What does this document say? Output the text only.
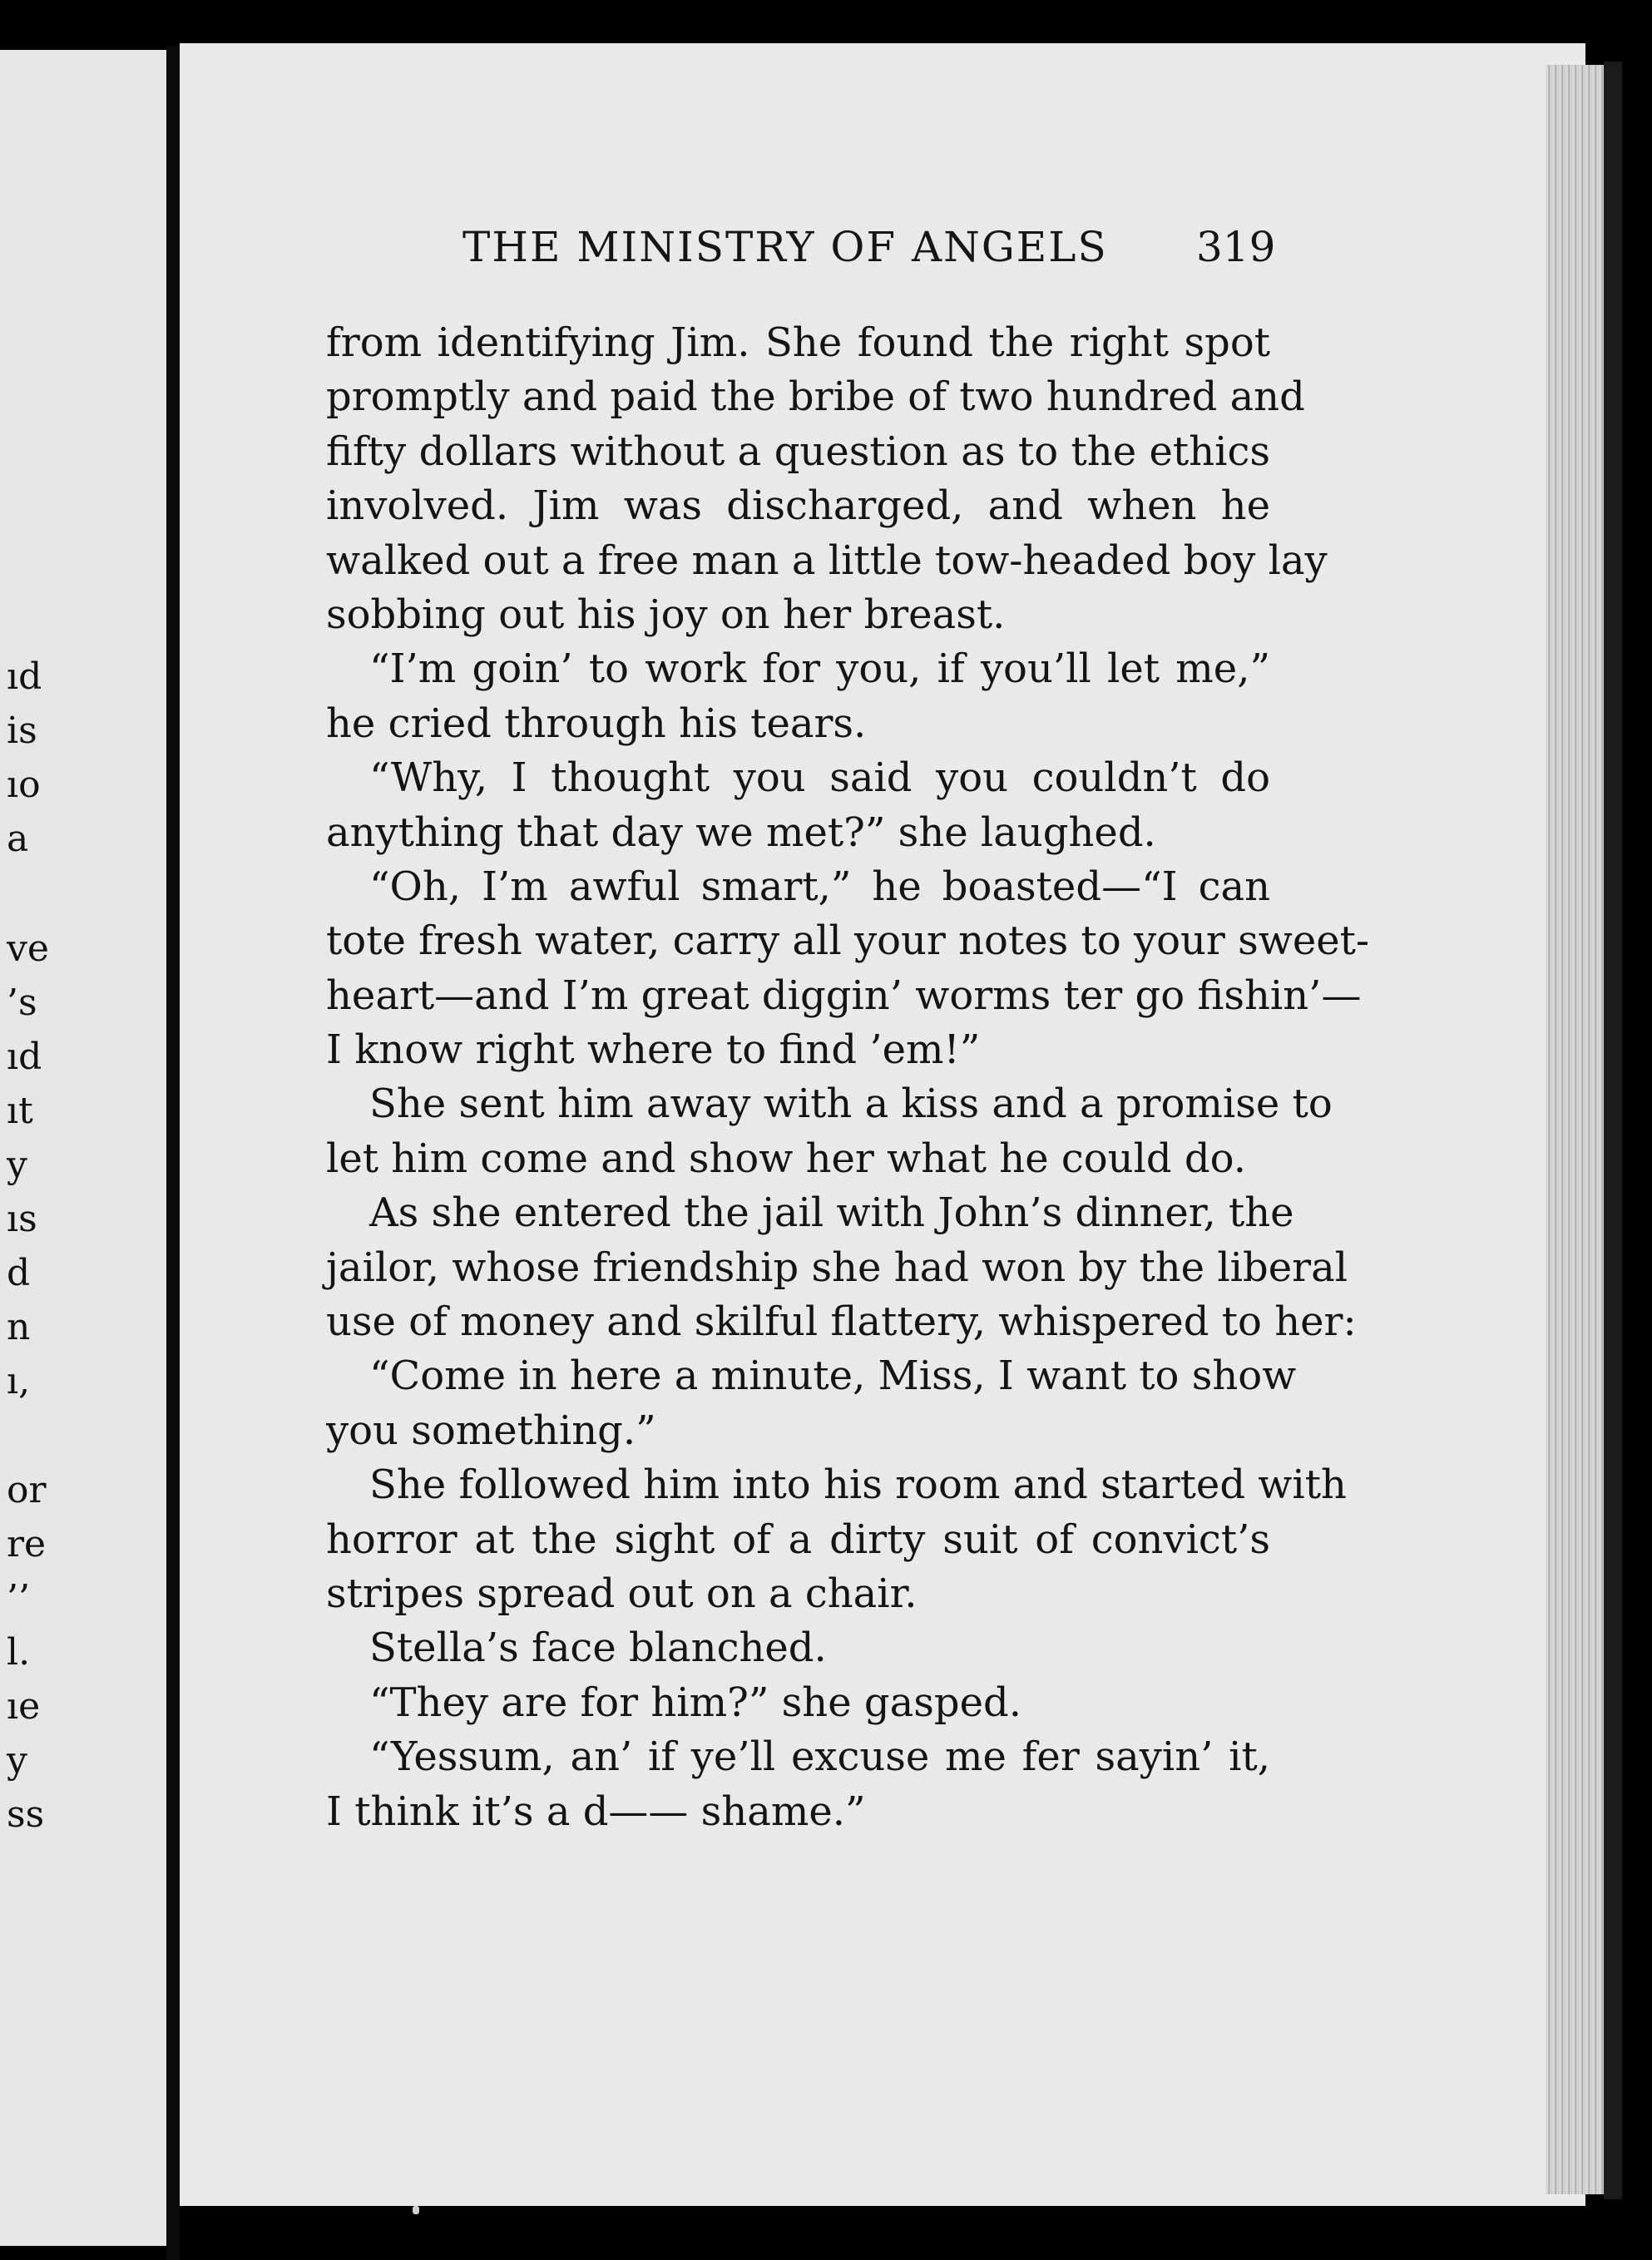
ıd
is
ıo
a
ve
’s
ıd
ıt
y
ıs
d
n
ı,
or
re
’’
l.
ıe
y
ss
THE MINISTRY OF ANGELS 319
from identifying Jim. She found the right spot
promptly and paid the bribe of two hundred and
fifty dollars without a question as to the ethics
involved. Jim was discharged, and when he
walked out a free man a little tow-headed boy lay
sobbing out his joy on her breast.
“I’m goin’ to work for you, if you’ll let me,”
he cried through his tears.
“Why, I thought you said you couldn’t do
anything that day we met?” she laughed.
“Oh, I’m awful smart,” he boasted—“I can
tote fresh water, carry all your notes to your sweet-
heart—and I’m great diggin’ worms ter go fishin’—
I know right where to find ’em!”
She sent him away with a kiss and a promise to
let him come and show her what he could do.
As she entered the jail with John’s dinner, the
jailor, whose friendship she had won by the liberal
use of money and skilful flattery, whispered to her:
“Come in here a minute, Miss, I want to show
you something.”
She followed him into his room and started with
horror at the sight of a dirty suit of convict’s
stripes spread out on a chair.
Stella’s face blanched.
“They are for him?” she gasped.
“Yessum, an’ if ye’ll excuse me fer sayin’ it,
I think it’s a d—— shame.”
